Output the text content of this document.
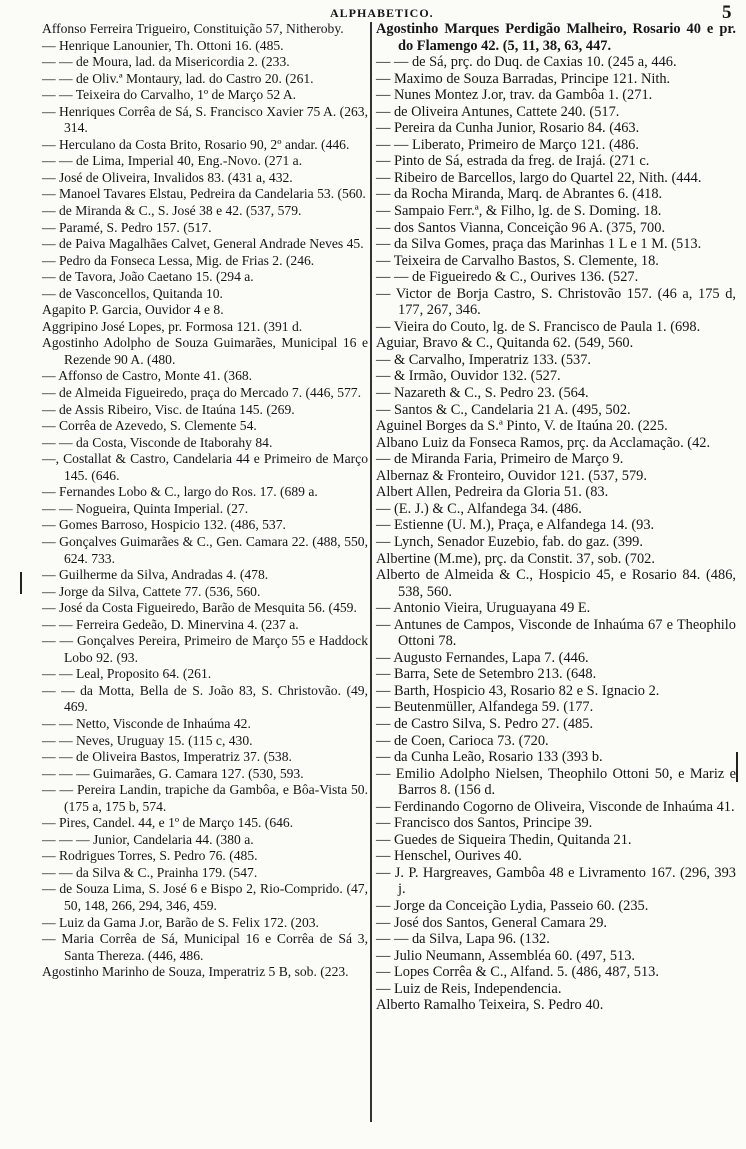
ALPHABETICO.	5

Affonso Ferreira Trigueiro, Constituição 57, Nitheroby.

— Henrique Lanounier, Th. Ottoni 16. (485.

— — de Moura, lad. da Misericordia 2. (233.

— — de Oliv.ª Montaury, lad. do Castro 20. (261.

— — Teixeira do Carvalho, 1º de Março 52 A.

— Henriques Corrêa de Sá, S. Francisco Xavier 75 A. (263, 314.

— Herculano da Costa Brito, Rosario 90, 2º andar. (446.

— — de Lima, Imperial 40, Eng.-Novo. (271 a.

— José de Oliveira, Invalidos 83. (431 a, 432.

— Manoel Tavares Elstau, Pedreira da Candelaria 53. (560.

— de Miranda & C., S. José 38 e 42. (537, 579.

— Paramé, S. Pedro 157. (517.

— de Paiva Magalhães Calvet, General Andrade Neves 45.

— Pedro da Fonseca Lessa, Mig. de Frias 2. (246.

— de Tavora, João Caetano 15. (294 a.

— de Vasconcellos, Quitanda 10.

Agapito P. Garcia, Ouvidor 4 e 8.

Aggripino José Lopes, pr. Formosa 121. (391 d.

Agostinho Adolpho de Souza Guimarães, Municipal 16 e Rezende 90 A. (480.

— Affonso de Castro, Monte 41. (368.

— de Almeida Figueiredo, praça do Mercado 7. (446, 577.

— de Assis Ribeiro, Visc. de Itaúna 145. (269.

— Corrêa de Azevedo, S. Clemente 54.

— — da Costa, Visconde de Itaborahy 84.

—, Costallat & Castro, Candelaria 44 e Primeiro de Março 145. (646.

— Fernandes Lobo & C., largo do Ros. 17. (689 a.

— — Nogueira, Quinta Imperial. (27.

— Gomes Barroso, Hospicio 132. (486, 537.

— Gonçalves Guimarães & C., Gen. Camara 22. (488, 550, 624. 733.

— Guilherme da Silva, Andradas 4. (478.

— Jorge da Silva, Cattete 77. (536, 560.

— José da Costa Figueiredo, Barão de Mesquita 56. (459.

— — Ferreira Gedeão, D. Minervina 4. (237 a.

— — Gonçalves Pereira, Primeiro de Março 55 e Haddock Lobo 92. (93.

— — Leal, Proposito 64. (261.

— — da Motta, Bella de S. João 83, S. Christovão. (49, 469.

— — Netto, Visconde de Inhaúma 42.

— — Neves, Uruguay 15. (115 c, 430.

— — de Oliveira Bastos, Imperatriz 37. (538.

— — — Guimarães, G. Camara 127. (530, 593.

— — Pereira Landin, trapiche da Gambôa, e Bôa-Vista 50. (175 a, 175 b, 574.

— Pires, Candel. 44, e 1º de Março 145. (646.

— — — Junior, Candelaria 44. (380 a.

— Rodrigues Torres, S. Pedro 76. (485.

— — da Silva & C., Prainha 179. (547.

— de Souza Lima, S. José 6 e Bispo 2, Rio-Comprido. (47, 50, 148, 266, 294, 346, 459.

— Luiz da Gama J.or, Barão de S. Felix 172. (203.

— Maria Corrêa de Sá, Municipal 16 e Corrêa de Sá 3, Santa Thereza. (446, 486.

Agostinho Marinho de Souza, Imperatriz 5 B, sob. (223.

Agostinho Marques Perdigão Malheiro, Rosario 40 e pr. do Flamengo 42. (5, 11, 38, 63, 447.

— — de Sá, prç. do Duq. de Caxias 10. (245 a, 446.

— Maximo de Souza Barradas, Principe 121. Nith.

— Nunes Montez J.or, trav. da Gambôa 1. (271.

— de Oliveira Antunes, Cattete 240. (517.

— Pereira da Cunha Junior, Rosario 84. (463.

— — Liberato, Primeiro de Março 121. (486.

— Pinto de Sá, estrada da freg. de Irajá. (271 c.

— Ribeiro de Barcellos, largo do Quartel 22, Nith. (444.

— da Rocha Miranda, Marq. de Abrantes 6. (418.

— Sampaio Ferr.ª, & Filho, lg. de S. Doming. 18.

— dos Santos Vianna, Conceição 96 A. (375, 700.

— da Silva Gomes, praça das Marinhas 1 L e 1 M. (513.

— Teixeira de Carvalho Bastos, S. Clemente, 18.

— — de Figueiredo & C., Ourives 136. (527.

— Victor de Borja Castro, S. Christovão 157. (46 a, 175 d, 177, 267, 346.

— Vieira do Couto, lg. de S. Francisco de Paula 1. (698.

Aguiar, Bravo & C., Quitanda 62. (549, 560.

— & Carvalho, Imperatriz 133. (537.

— & Irmão, Ouvidor 132. (527.

— Nazareth & C., S. Pedro 23. (564.

— Santos & C., Candelaria 21 A. (495, 502.

Aguinel Borges da S.ª Pinto, V. de Itaúna 20. (225.

Albano Luiz da Fonseca Ramos, prç. da Acclamação. (42.

— de Miranda Faria, Primeiro de Março 9.

Albernaz & Fronteiro, Ouvidor 121. (537, 579.

Albert Allen, Pedreira da Gloria 51. (83.

— (E. J.) & C., Alfandega 34. (486.

— Estienne (U. M.), Praça, e Alfandega 14. (93.

— Lynch, Senador Euzebio, fab. do gaz. (399.

Albertine (M.me), prç. da Constit. 37, sob. (702.

Alberto de Almeida & C., Hospicio 45, e Rosario 84. (486, 538, 560.

— Antonio Vieira, Uruguayana 49 E.

— Antunes de Campos, Visconde de Inhaúma 67 e Theophilo Ottoni 78.

— Augusto Fernandes, Lapa 7. (446.

— Barra, Sete de Setembro 213. (648.

— Barth, Hospicio 43, Rosario 82 e S. Ignacio 2.

— Beutenmüller, Alfandega 59. (177.

— de Castro Silva, S. Pedro 27. (485.

— de Coen, Carioca 73. (720.

— da Cunha Leão, Rosario 133 (393 b.

— Emilio Adolpho Nielsen, Theophilo Ottoni 50, e Mariz e Barros 8. (156 d.

— Ferdinando Cogorno de Oliveira, Visconde de Inhaúma 41.

— Francisco dos Santos, Principe 39.

— Guedes de Siqueira Thedin, Quitanda 21.

— Henschel, Ourives 40.

— J. P. Hargreaves, Gambôa 48 e Livramento 167. (296, 393 j.

— Jorge da Conceição Lydia, Passeio 60. (235.

— José dos Santos, General Camara 29.

— — da Silva, Lapa 96. (132.

— Julio Neumann, Assembléa 60. (497, 513.

— Lopes Corrêa & C., Alfand. 5. (486, 487, 513.

— Luiz de Reis, Independencia.

Alberto Ramalho Teixeira, S. Pedro 40.
